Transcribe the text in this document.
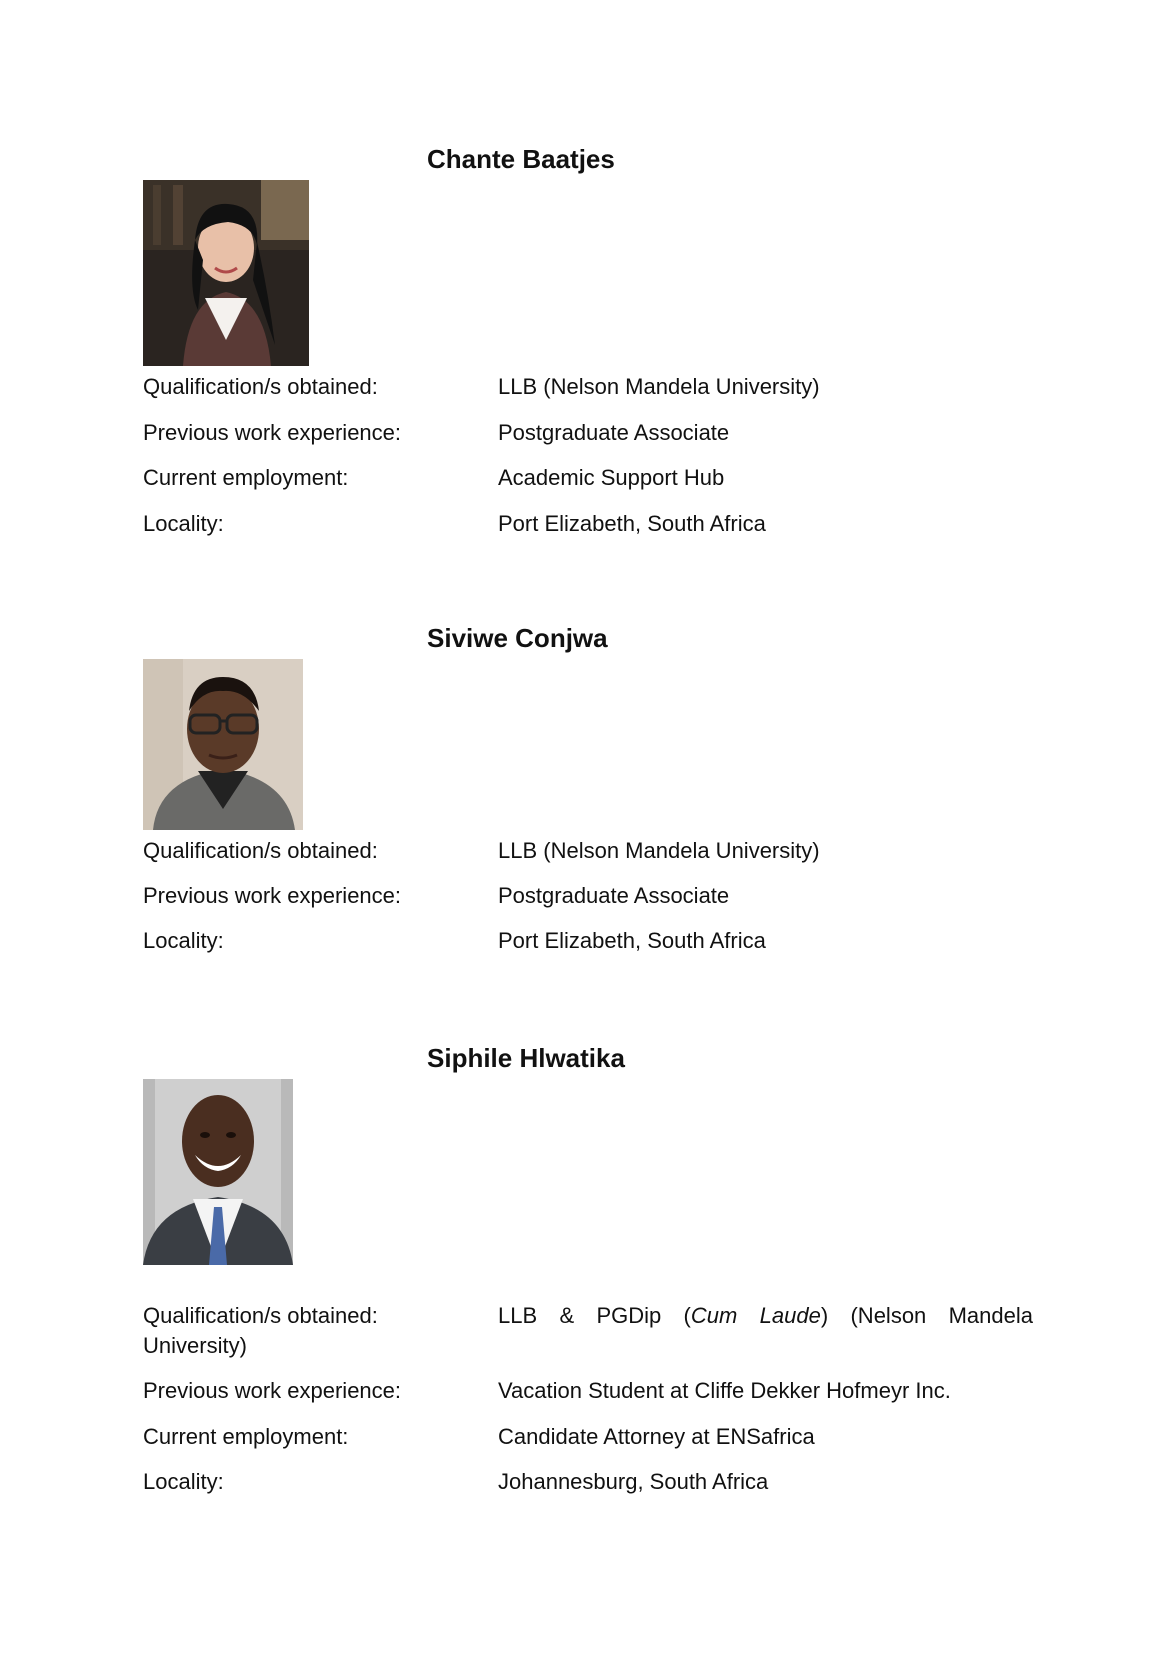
Chante Baatjes
Qualification/s obtained:	LLB (Nelson Mandela University)
Previous work experience:	Postgraduate Associate
Current employment:	Academic Support Hub
Locality:	Port Elizabeth, South Africa
Siviwe Conjwa
Qualification/s obtained:	LLB (Nelson Mandela University)
Previous work experience:	Postgraduate Associate
Locality:	Port Elizabeth, South Africa
Siphile Hlwatika
Qualification/s obtained:	LLB & PGDip (Cum Laude) (Nelson Mandela
University)
Previous work experience:	Vacation Student at Cliffe Dekker Hofmeyr Inc.
Current employment:	Candidate Attorney at ENSafrica
Locality:	Johannesburg, South Africa
